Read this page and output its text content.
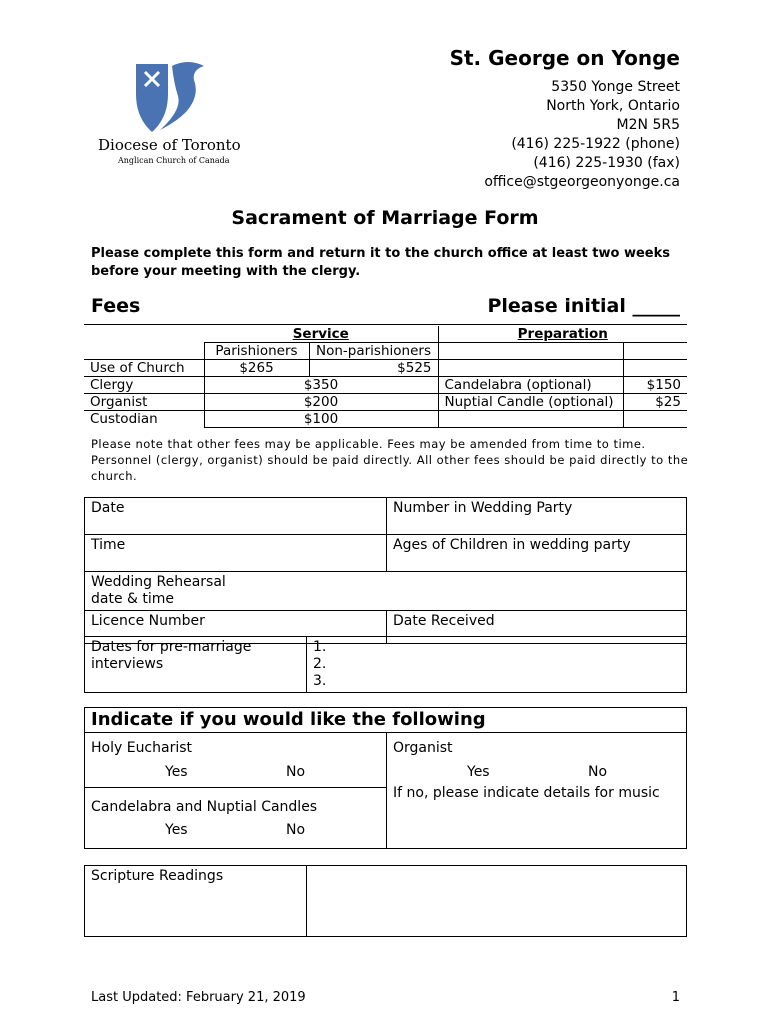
Diocese of Toronto
Anglican Church of Canada
St. George on Yonge
5350 Yonge Street
North York, Ontario
M2N 5R5
(416) 225-1922 (phone)
(416) 225-1930 (fax)
office@stgeorgeonyonge.ca
Sacrament of Marriage Form
Please complete this form and return it to the church office at least two weeks before your meeting with the clergy.
Fees	Please initial _____
	Service		Preparation	
	Parishioners	Non-parishioners		
Use of Church	$265	$525		
Clergy	$350		Candelabra (optional)	$150
Organist	$200		Nuptial Candle (optional)	$25
Custodian	$100			
Please note that other fees may be applicable. Fees may be amended from time to time. Personnel (clergy, organist) should be paid directly. All other fees should be paid directly to the church.
Date	Number in Wedding Party
Time	Ages of Children in wedding party

Wedding Rehearsal date & time	

Licence Number	Date Received
Dates for pre-marriage interviews

1.
2.
3.
Indicate if you would like the following

Holy Eucharist
Yes	No
Candelabra and Nuptial Candles
Yes	No

Organist
Yes	No
If no, please indicate details for music
Scripture Readings	
Last Updated: February 21, 2019	1
